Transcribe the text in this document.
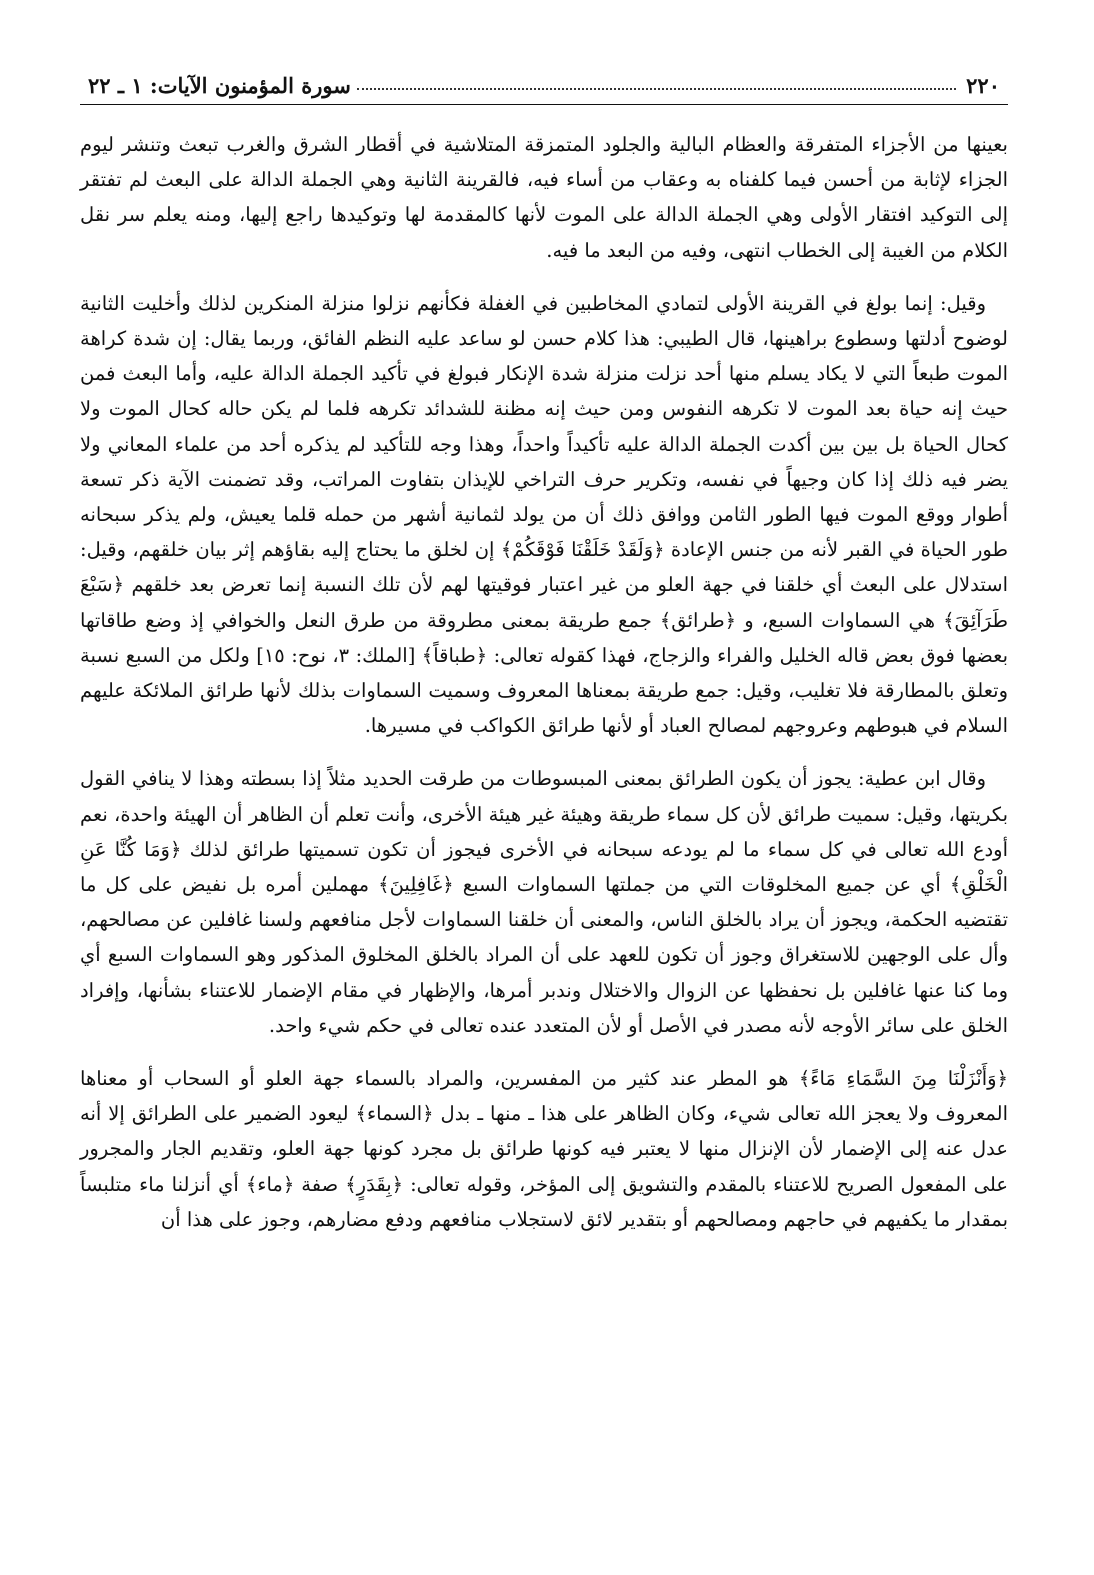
٢٢٠
سورة المؤمنون الآيات: ١ ـ ٢٢

بعينها من الأجزاء المتفرقة والعظام البالية والجلود المتمزقة المتلاشية في أقطار الشرق والغرب تبعث وتنشر ليوم الجزاء لإثابة من أحسن فيما كلفناه به وعقاب من أساء فيه، فالقرينة الثانية وهي الجملة الدالة على البعث لم تفتقر إلى التوكيد افتقار الأولى وهي الجملة الدالة على الموت لأنها كالمقدمة لها وتوكيدها راجع إليها، ومنه يعلم سر نقل الكلام من الغيبة إلى الخطاب انتهى، وفيه من البعد ما فيه.

وقيل: إنما بولغ في القرينة الأولى لتمادي المخاطبين في الغفلة فكأنهم نزلوا منزلة المنكرين لذلك وأخليت الثانية لوضوح أدلتها وسطوع براهينها، قال الطيبي: هذا كلام حسن لو ساعد عليه النظم الفائق، وربما يقال: إن شدة كراهة الموت طبعاً التي لا يكاد يسلم منها أحد نزلت منزلة شدة الإنكار فبولغ في تأكيد الجملة الدالة عليه، وأما البعث فمن حيث إنه حياة بعد الموت لا تكرهه النفوس ومن حيث إنه مظنة للشدائد تكرهه فلما لم يكن حاله كحال الموت ولا كحال الحياة بل بين بين أكدت الجملة الدالة عليه تأكيداً واحداً، وهذا وجه للتأكيد لم يذكره أحد من علماء المعاني ولا يضر فيه ذلك إذا كان وجيهاً في نفسه، وتكرير حرف التراخي للإيذان بتفاوت المراتب، وقد تضمنت الآية ذكر تسعة أطوار ووقع الموت فيها الطور الثامن ووافق ذلك أن من يولد لثمانية أشهر من حمله قلما يعيش، ولم يذكر سبحانه طور الحياة في القبر لأنه من جنس الإعادة ﴿وَلَقَدْ خَلَقْنَا فَوْقَكُمْ﴾ إن لخلق ما يحتاج إليه بقاؤهم إثر بيان خلقهم، وقيل: استدلال على البعث أي خلقنا في جهة العلو من غير اعتبار فوقيتها لهم لأن تلك النسبة إنما تعرض بعد خلقهم ﴿سَبْعَ طَرَآئِقَ﴾ هي السماوات السبع، و ﴿طرائق﴾ جمع طريقة بمعنى مطروقة من طرق النعل والخوافي إذ وضع طاقاتها بعضها فوق بعض قاله الخليل والفراء والزجاج، فهذا كقوله تعالى: ﴿طباقاً﴾ [الملك: ٣، نوح: ١٥] ولكل من السبع نسبة وتعلق بالمطارقة فلا تغليب، وقيل: جمع طريقة بمعناها المعروف وسميت السماوات بذلك لأنها طرائق الملائكة عليهم السلام في هبوطهم وعروجهم لمصالح العباد أو لأنها طرائق الكواكب في مسيرها.

وقال ابن عطية: يجوز أن يكون الطرائق بمعنى المبسوطات من طرقت الحديد مثلاً إذا بسطته وهذا لا ينافي القول بكريتها، وقيل: سميت طرائق لأن كل سماء طريقة وهيئة غير هيئة الأخرى، وأنت تعلم أن الظاهر أن الهيئة واحدة، نعم أودع الله تعالى في كل سماء ما لم يودعه سبحانه في الأخرى فيجوز أن تكون تسميتها طرائق لذلك ﴿وَمَا كُنَّا عَنِ الْخَلْقِ﴾ أي عن جميع المخلوقات التي من جملتها السماوات السبع ﴿غَافِلِينَ﴾ مهملين أمره بل نفيض على كل ما تقتضيه الحكمة، ويجوز أن يراد بالخلق الناس، والمعنى أن خلقنا السماوات لأجل منافعهم ولسنا غافلين عن مصالحهم، وأل على الوجهين للاستغراق وجوز أن تكون للعهد على أن المراد بالخلق المخلوق المذكور وهو السماوات السبع أي وما كنا عنها غافلين بل نحفظها عن الزوال والاختلال وندبر أمرها، والإظهار في مقام الإضمار للاعتناء بشأنها، وإفراد الخلق على سائر الأوجه لأنه مصدر في الأصل أو لأن المتعدد عنده تعالى في حكم شيء واحد.

﴿وَأَنْزَلْنَا مِنَ السَّمَاءِ مَاءً﴾ هو المطر عند كثير من المفسرين، والمراد بالسماء جهة العلو أو السحاب أو معناها المعروف ولا يعجز الله تعالى شيء، وكان الظاهر على هذا ـ منها ـ بدل ﴿السماء﴾ ليعود الضمير على الطرائق إلا أنه عدل عنه إلى الإضمار لأن الإنزال منها لا يعتبر فيه كونها طرائق بل مجرد كونها جهة العلو، وتقديم الجار والمجرور على المفعول الصريح للاعتناء بالمقدم والتشويق إلى المؤخر، وقوله تعالى: ﴿بِقَدَرٍ﴾ صفة ﴿ماء﴾ أي أنزلنا ماء متلبساً بمقدار ما يكفيهم في حاجهم ومصالحهم أو بتقدير لائق لاستجلاب منافعهم ودفع مضارهم، وجوز على هذا أن
